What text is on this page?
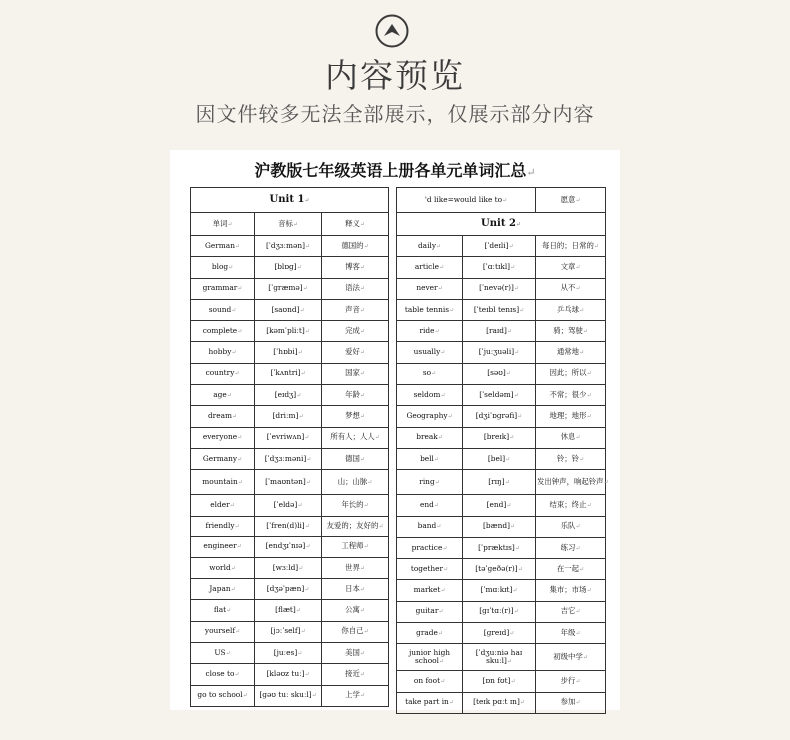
内容预览
因文件较多无法全部展示，仅展示部分内容
沪教版七年级英语上册各单元单词汇总↵
Unit 1↵		
单词↵	音标↵	释义↵
German↵	[ˈdʒɜːmən]↵	德国的↵
blog↵	[blɒg]↵	博客↵
grammar↵	[ˈɡræmə]↵	语法↵
sound↵	[saʊnd]↵	声音↵
complete↵	[kəmˈpliːt]↵	完成↵
hobby↵	[ˈhɒbi]↵	爱好↵
country↵	[ˈkʌntri]↵	国家↵
age↵	[eɪdʒ]↵	年龄↵
dream↵	[driːm]↵	梦想↵
everyone↵	[ˈevriwʌn]↵	所有人；人人↵
Germany↵	[ˈdʒɜːməni]↵	德国↵
mountain↵	[ˈmaʊntən]↵	山；山脉↵
elder↵	[ˈeldə]↵	年长的↵
friendly↵	[ˈfren(d)li]↵	友爱的；友好的↵
engineer↵	[endʒɪˈnɪə]↵	工程师↵
world↵	[wɜːld]↵	世界↵
Japan↵	[dʒəˈpæn]↵	日本↵
flat↵	[flæt]↵	公寓↵
yourself↵	[jɔːˈself]↵	你自己↵
US↵	[juːes]↵	美国↵
close to↵	[kləʊz tuː]↵	接近↵
go to school↵	[ɡəʊ tuː skuːl]↵	上学↵
'd like=would like to↵		愿意↵
Unit 2↵		
daily↵	[ˈdeɪli]↵	每日的；日常的↵
article↵	[ˈɑːtɪkl]↵	文章↵
never↵	[ˈnevə(r)]↵	从不↵
table tennis↵	[ˈteɪbl tenɪs]↵	乒乓球↵
ride↵	[raɪd]↵	骑；驾驶↵
usually↵	[ˈjuːʒuəli]↵	通常地↵
so↵	[səʊ]↵	因此；所以↵
seldom↵	[ˈseldəm]↵	不常；很少↵
Geography↵	[dʒiˈɒɡrəfi]↵	地理；地形↵
break↵	[breɪk]↵	休息↵
bell↵	[bel]↵	铃；铃↵
ring↵	[rɪŋ]↵	发出钟声，响起铃声↵
end↵	[end]↵	结束；终止↵
band↵	[bænd]↵	乐队↵
practice↵	[ˈpræktɪs]↵	练习↵
together↵	[təˈɡeðə(r)]↵	在一起↵
market↵	[ˈmɑːkɪt]↵	集市；市场↵
guitar↵	[ɡɪˈtɑː(r)]↵	吉它↵
grade↵	[ɡreɪd]↵	年级↵
junior high school↵	[ˈdʒuːniə haɪ skuːl]↵	初级中学↵
on foot↵	[ɒn fʊt]↵	步行↵
take part in↵	[teɪk pɑːt ɪn]↵	参加↵
